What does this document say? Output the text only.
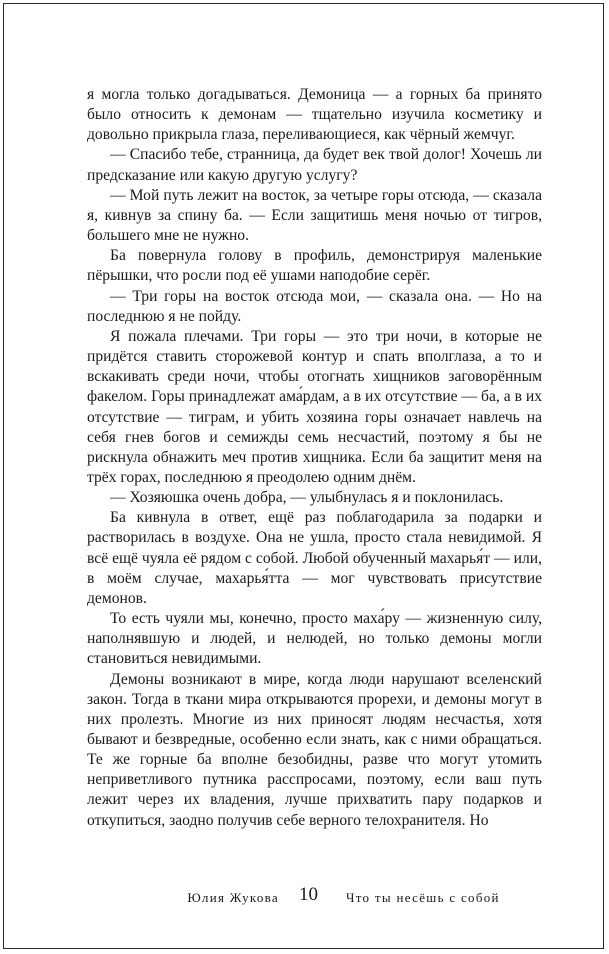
я могла только догадываться. Демоница — а горных ба принято было относить к демонам — тщательно изучила косметику и довольно прикрыла глаза, переливающиеся, как чёрный жемчуг.

— Спасибо тебе, странница, да будет век твой долог! Хочешь ли предсказание или какую другую услугу?

— Мой путь лежит на восток, за четыре горы отсюда, — сказала я, кивнув за спину ба. — Если защитишь меня ночью от тигров, большего мне не нужно.

Ба повернула голову в профиль, демонстрируя маленькие пёрышки, что росли под её ушами наподобие серёг.

— Три горы на восток отсюда мои, — сказала она. — Но на последнюю я не пойду.

Я пожала плечами. Три горы — это три ночи, в которые не придётся ставить сторожевой контур и спать вполглаза, а то и вскакивать среди ночи, чтобы отогнать хищников заговорённым факелом. Горы принадлежат ама́рдам, а в их отсутствие — ба, а в их отсутствие — тиграм, и убить хозяина горы означает навлечь на себя гнев богов и семижды семь несчастий, поэтому я бы не рискнула обнажить меч против хищника. Если ба защитит меня на трёх горах, последнюю я преодолею одним днём.

— Хозяюшка очень добра, — улыбнулась я и поклонилась.

Ба кивнула в ответ, ещё раз поблагодарила за подарки и растворилась в воздухе. Она не ушла, просто стала невидимой. Я всё ещё чуяла её рядом с собой. Любой обученный махарья́т — или, в моём случае, махарья́тта — мог чувствовать присутствие демонов.

То есть чуяли мы, конечно, просто маха́ру — жизненную силу, наполнявшую и людей, и нелюдей, но только демоны могли становиться невидимыми.

Демоны возникают в мире, когда люди нарушают вселенский закон. Тогда в ткани мира открываются прорехи, и демоны могут в них пролезть. Многие из них приносят людям несчастья, хотя бывают и безвредные, особенно если знать, как с ними обращаться. Те же горные ба вполне безобидны, разве что могут утомить неприветливого путника расспросами, поэтому, если ваш путь лежит через их владения, лучше прихватить пару подарков и откупиться, заодно получив себе верного телохранителя. Но

Юлия Жукова 10 Что ты несёшь с собой
